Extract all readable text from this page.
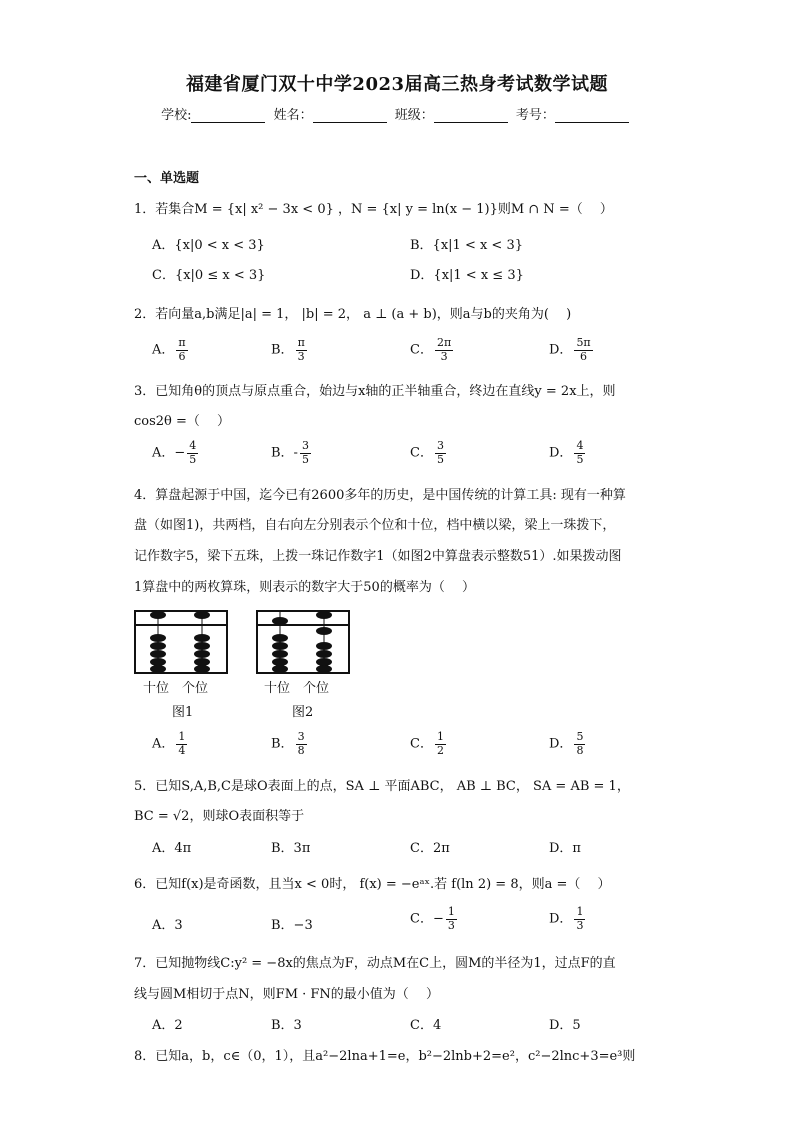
福建省厦门双十中学2023届高三热身考试数学试题
学校:	姓名：	班级：	考号：
一、单选题
1．若集合M = {x| x² − 3x < 0} ，N = {x| y = ln(x − 1)}则M ∩ N =（　 ）
A．{x|0 < x < 3}	B．{x|1 < x < 3}
C．{x|0 ≤ x < 3}	D．{x|1 < x ≤ 3}
2．若向量a,b满足|a| = 1， |b| = 2， a ⊥ (a + b)，则a与b的夹角为(　 )
A． $\frac{\pi}{6}$	B． $\frac{\pi}{3}$	C． $\frac{2\pi}{3}$	D． $\frac{5\pi}{6}$
3．已知角θ的顶点与原点重合，始边与x轴的正半轴重合，终边在直线y = 2x上，则
cos2θ =（　 ）
A．− $\frac{4}{5}$	B．- $\frac{3}{5}$	C． $\frac{3}{5}$	D． $\frac{4}{5}$
4．算盘起源于中国，迄今已有2600多年的历史，是中国传统的计算工具: 现有一种算
盘（如图1)，共两档，自右向左分别表示个位和十位，档中横以梁，梁上一珠拨下，
记作数字5，梁下五珠，上拨一珠记作数字1（如图2中算盘表示整数51）.如果拨动图
1算盘中的两枚算珠，则表示的数字大于50的概率为（　 ）
十位　个位	十位　个位
图1	图2
A． $\frac{1}{4}$	B． $\frac{3}{8}$	C． $\frac{1}{2}$	D． $\frac{5}{8}$
5．已知S,A,B,C是球O表面上的点，SA ⊥ 平面ABC， AB ⊥ BC， SA = AB = 1，
BC = √2，则球O表面积等于
A．4π	B．3π	C．2π	D．π
6．已知f(x)是奇函数，且当x < 0时， f(x) = −eᵃˣ.若 f(ln 2) = 8，则a =（　 ）
A．3	B．−3	C．− $\frac{1}{3}$	D． $\frac{1}{3}$
7．已知抛物线C:y² = −8x的焦点为F，动点M在C上，圆M的半径为1，过点F的直
线与圆M相切于点N，则FM · FN的最小值为（　 ）
A．2	B．3	C．4	D．5
8．已知a，b，c∈（0，1），且a²−2lna+1=e，b²−2lnb+2=e²，c²−2lnc+3=e³则
